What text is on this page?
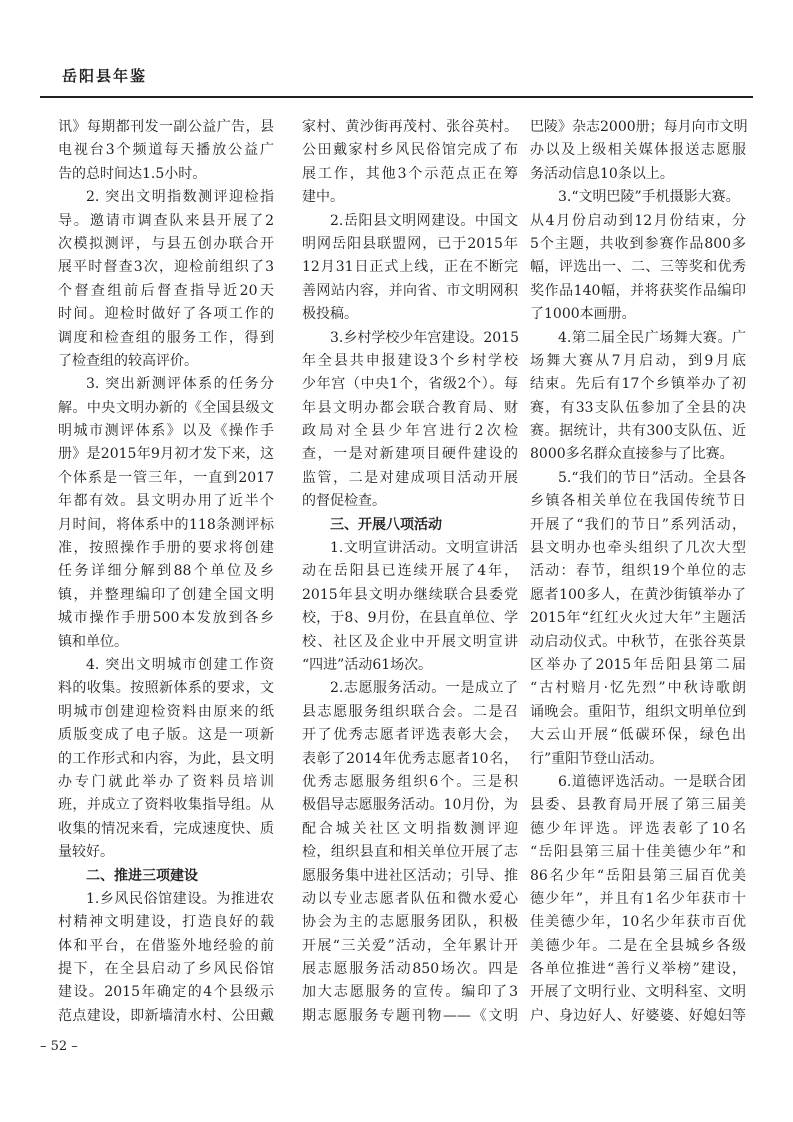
岳阳县年鉴
讯》每期都刊发一副公益广告，县
电视台3个频道每天播放公益广
告的总时间达1.5小时。
2. 突出文明指数测评迎检指
导。邀请市调查队来县开展了2
次模拟测评，与县五创办联合开
展平时督查3次，迎检前组织了3
个督查组前后督查指导近20天
时间。迎检时做好了各项工作的
调度和检查组的服务工作，得到
了检查组的较高评价。
3. 突出新测评体系的任务分
解。中央文明办新的《全国县级文
明城市测评体系》以及《操作手
册》是2015年9月初才发下来，这
个体系是一管三年，一直到2017
年都有效。县文明办用了近半个
月时间，将体系中的118条测评标
准，按照操作手册的要求将创建
任务详细分解到88个单位及乡
镇，并整理编印了创建全国文明
城市操作手册500本发放到各乡
镇和单位。
4. 突出文明城市创建工作资
料的收集。按照新体系的要求，文
明城市创建迎检资料由原来的纸
质版变成了电子版。这是一项新
的工作形式和内容，为此，县文明
办专门就此举办了资料员培训
班，并成立了资料收集指导组。从
收集的情况来看，完成速度快、质
量较好。
二、推进三项建设
1.乡风民俗馆建设。为推进农
村精神文明建设，打造良好的载
体和平台，在借鉴外地经验的前
提下，在全县启动了乡风民俗馆
建设。2015年确定的4个县级示
范点建设，即新墙清水村、公田戴
家村、黄沙街再茂村、张谷英村。
公田戴家村乡风民俗馆完成了布
展工作，其他3个示范点正在筹
建中。
2.岳阳县文明网建设。中国文
明网岳阳县联盟网，已于2015年
12月31日正式上线，正在不断完
善网站内容，并向省、市文明网积
极投稿。
3.乡村学校少年宫建设。2015
年全县共申报建设3个乡村学校
少年宫（中央1个，省级2个）。每
年县文明办都会联合教育局、财
政局对全县少年宫进行2次检
查，一是对新建项目硬件建设的
监管，二是对建成项目活动开展
的督促检查。
三、开展八项活动
1.文明宣讲活动。文明宣讲活
动在岳阳县已连续开展了4年，
2015年县文明办继续联合县委党
校，于8、9月份，在县直单位、学
校、社区及企业中开展文明宣讲
“四进”活动61场次。
2.志愿服务活动。一是成立了
县志愿服务组织联合会。二是召
开了优秀志愿者评选表彰大会，
表彰了2014年优秀志愿者10名，
优秀志愿服务组织6个。三是积
极倡导志愿服务活动。10月份，为
配合城关社区文明指数测评迎
检，组织县直和相关单位开展了志
愿服务集中进社区活动；引导、推
动以专业志愿者队伍和微水爱心
协会为主的志愿服务团队，积极
开展“三关爱”活动，全年累计开
展志愿服务活动850场次。四是
加大志愿服务的宣传。编印了3
期志愿服务专题刊物——《文明
巴陵》杂志2000册；每月向市文明
办以及上级相关媒体报送志愿服
务活动信息10条以上。
3.“文明巴陵”手机摄影大赛。
从4月份启动到12月份结束，分
5个主题，共收到参赛作品800多
幅，评选出一、二、三等奖和优秀
奖作品140幅，并将获奖作品编印
了1000本画册。
4.第二届全民广场舞大赛。广
场舞大赛从7月启动，到9月底
结束。先后有17个乡镇举办了初
赛，有33支队伍参加了全县的决
赛。据统计，共有300支队伍、近
8000多名群众直接参与了比赛。
5.“我们的节日”活动。全县各
乡镇各相关单位在我国传统节日
开展了“我们的节日”系列活动，
县文明办也牵头组织了几次大型
活动：春节，组织19个单位的志
愿者100多人，在黄沙街镇举办了
2015年“红红火火过大年”主题活
动启动仪式。中秋节，在张谷英景
区举办了2015年岳阳县第二届
“古村赔月·忆先烈”中秋诗歌朗
诵晚会。重阳节，组织文明单位到
大云山开展“低碳环保，绿色出
行”重阳节登山活动。
6.道德评选活动。一是联合团
县委、县教育局开展了第三届美
德少年评选。评选表彰了10名
“岳阳县第三届十佳美德少年”和
86名少年“岳阳县第三届百优美
德少年”，并且有1名少年获市十
佳美德少年，10名少年获市百优
美德少年。二是在全县城乡各级
各单位推进“善行义举榜”建设，
开展了文明行业、文明科室、文明
户、身边好人、好婆婆、好媳妇等
– 52 –
